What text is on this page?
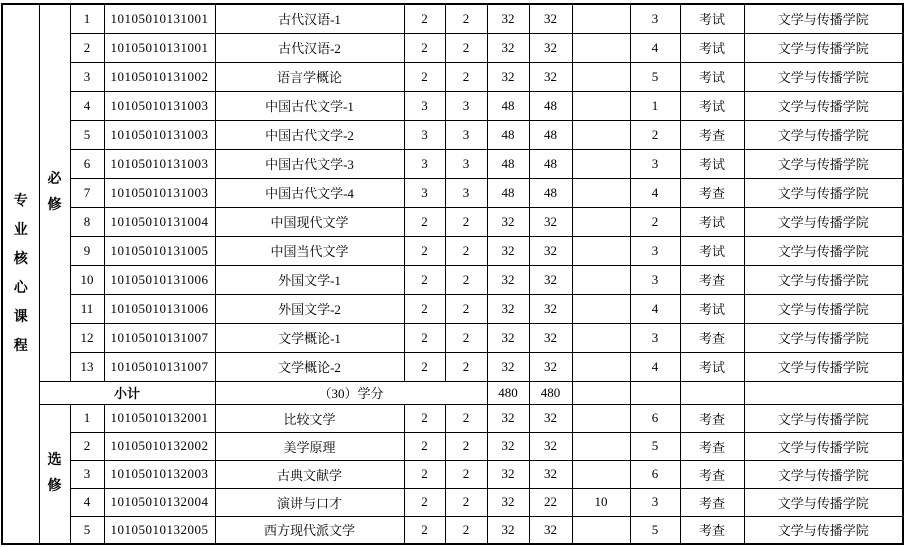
专
业
核
心
课
程

必
修
	1	10105010131001	古代汉语-1	2	2	32	32		3	考试	文学与传播学院
		2	10105010131001	古代汉语-2	2	2	32	32		4	考试	文学与传播学院
		3	10105010131002	语言学概论	2	2	32	32		5	考试	文学与传播学院
		4	10105010131003	中国古代文学-1	3	3	48	48		1	考试	文学与传播学院
		5	10105010131003	中国古代文学-2	3	3	48	48		2	考查	文学与传播学院
		6	10105010131003	中国古代文学-3	3	3	48	48		3	考试	文学与传播学院
		7	10105010131003	中国古代文学-4	3	3	48	48		4	考查	文学与传播学院
		8	10105010131004	中国现代文学	2	2	32	32		2	考试	文学与传播学院
		9	10105010131005	中国当代文学	2	2	32	32		3	考试	文学与传播学院
		10	10105010131006	外国文学-1	2	2	32	32		3	考查	文学与传播学院
		11	10105010131006	外国文学-2	2	2	32	32		4	考试	文学与传播学院
		12	10105010131007	文学概论-1	2	2	32	32		3	考查	文学与传播学院
		13	10105010131007	文学概论-2	2	2	32	32		4	考试	文学与传播学院
	小计			（30）学分			480	480				

	选
修	1	10105010132001	比较文学	2	2	32	32		6	考查	文学与传播学院
		2	10105010132002	美学原理	2	2	32	32		5	考查	文学与传播学院
		3	10105010132003	古典文献学	2	2	32	32		6	考查	文学与传播学院
		4	10105010132004	演讲与口才	2	2	32	22	10	3	考查	文学与传播学院
		5	10105010132005	西方现代派文学	2	2	32	32		5	考查	文学与传播学院
